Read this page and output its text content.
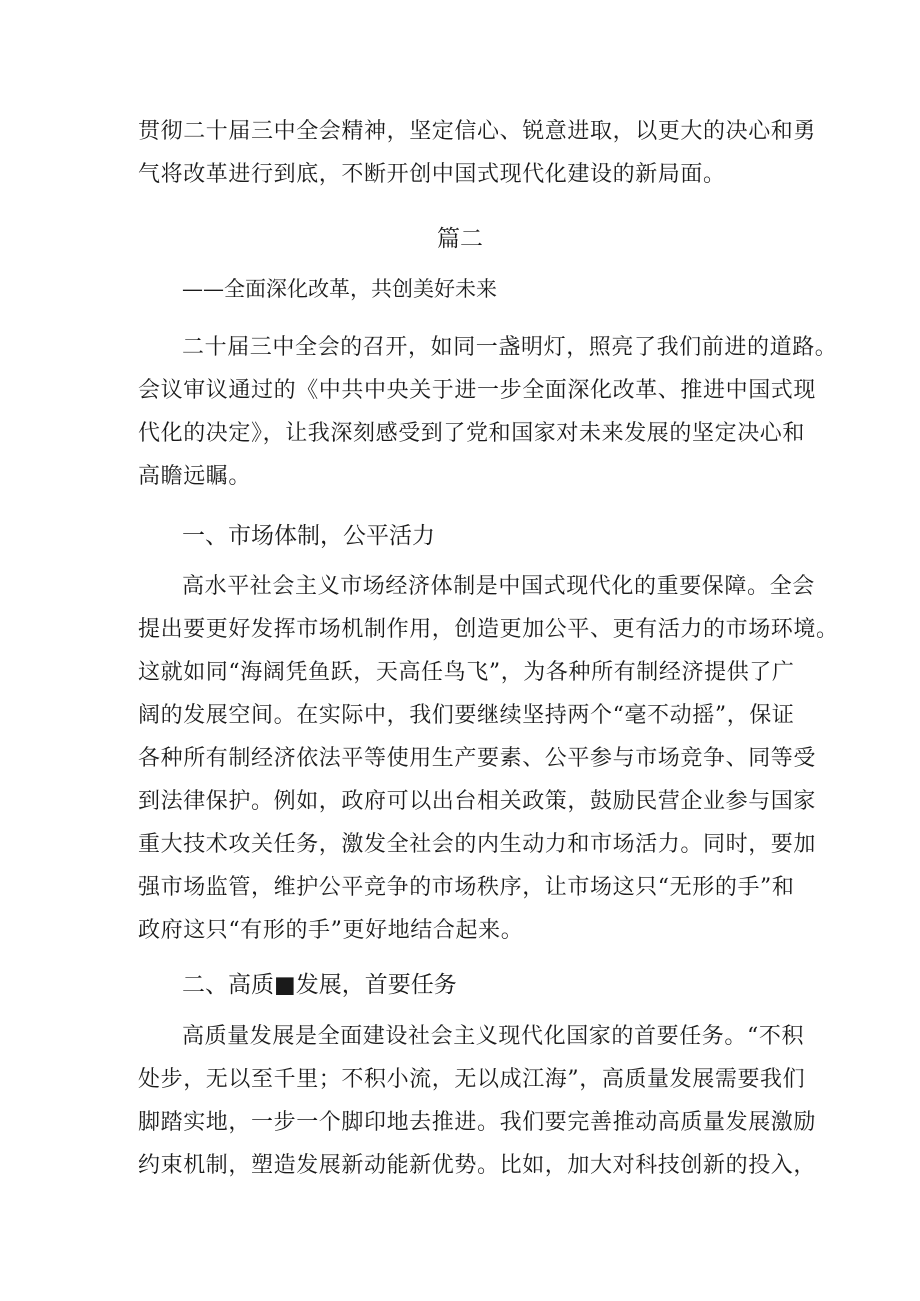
贯彻二十届三中全会精神，坚定信心、锐意进取，以更大的决心和勇
气将改革进行到底，不断开创中国式现代化建设的新局面。
篇二
——全面深化改革，共创美好未来
二十届三中全会的召开，如同一盏明灯，照亮了我们前进的道路。
会议审议通过的《中共中央关于进一步全面深化改革、推进中国式现
代化的决定》，让我深刻感受到了党和国家对未来发展的坚定决心和
高瞻远瞩。
一、市场体制，公平活力
高水平社会主义市场经济体制是中国式现代化的重要保障。全会
提出要更好发挥市场机制作用，创造更加公平、更有活力的市场环境。
这就如同“海阔凭鱼跃，天高任鸟飞”，为各种所有制经济提供了广
阔的发展空间。在实际中，我们要继续坚持两个“毫不动摇”，保证
各种所有制经济依法平等使用生产要素、公平参与市场竞争、同等受
到法律保护。例如，政府可以出台相关政策，鼓励民营企业参与国家
重大技术攻关任务，激发全社会的内生动力和市场活力。同时，要加
强市场监管，维护公平竞争的市场秩序，让市场这只“无形的手”和
政府这只“有形的手”更好地结合起来。
二、高质■发展，首要任务
高质量发展是全面建设社会主义现代化国家的首要任务。“不积
处步，无以至千里；不积小流，无以成江海”，高质量发展需要我们
脚踏实地，一步一个脚印地去推进。我们要完善推动高质量发展激励
约束机制，塑造发展新动能新优势。比如，加大对科技创新的投入，
